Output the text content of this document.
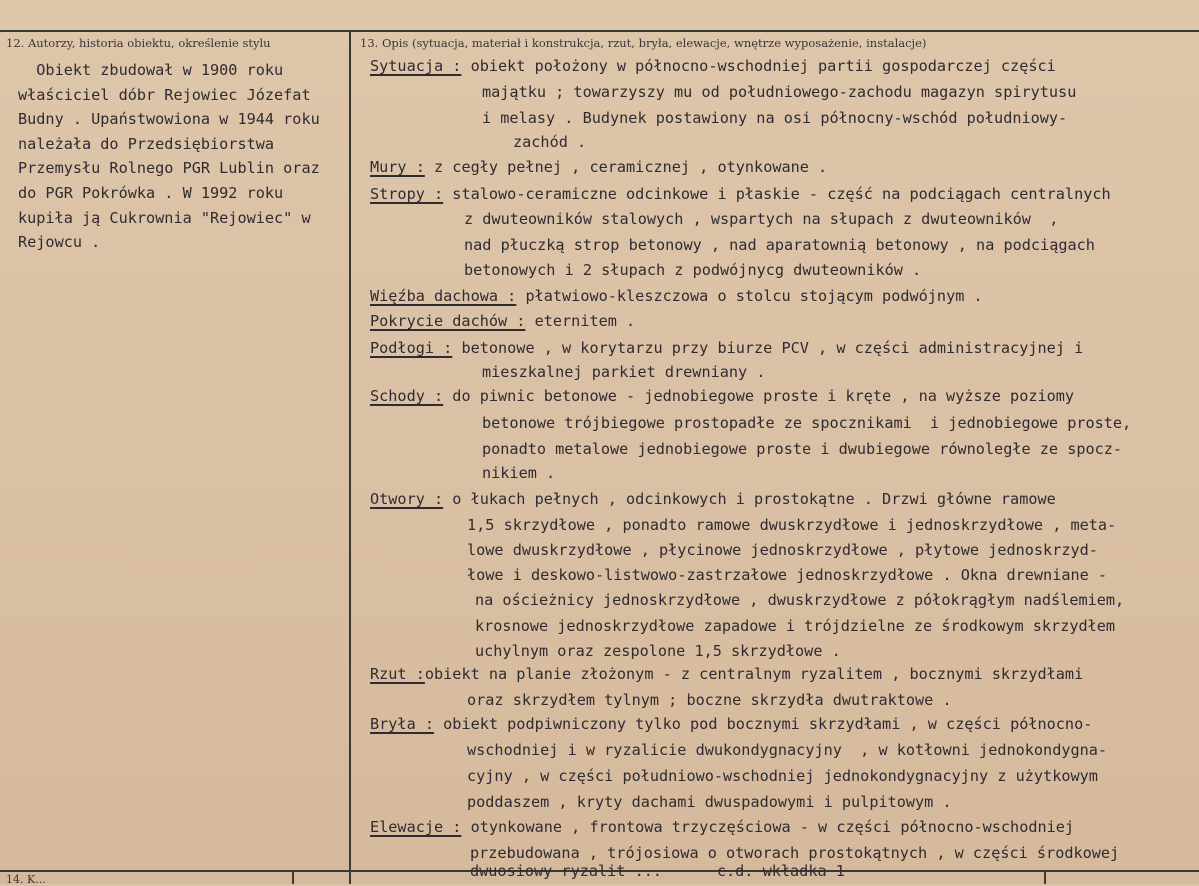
12. Autorzy, historia obiektu, określenie stylu	13. Opis (sytuacja, materiał i konstrukcja, rzut, bryła, elewacje, wnętrze wyposażenie, instalacje)
Obiekt zbudował w 1900 roku
właściciel dóbr Rejowiec Józefat
Budny . Upaństwowiona w 1944 roku
należała do Przedsiębiorstwa
Przemysłu Rolnego PGR Lublin oraz
do PGR Pokrówka . W 1992 roku
kupiła ją Cukrownia "Rejowiec" w
Rejowcu .
Sytuacja : obiekt położony w północno-wschodniej partii gospodarczej części
majątku ; towarzyszy mu od południowego-zachodu magazyn spirytusu
i melasy . Budynek postawiony na osi północny-wschód południowy-
zachód .
Mury : z cegły pełnej , ceramicznej , otynkowane .
Stropy : stalowo-ceramiczne odcinkowe i płaskie - część na podciągach centralnych
z dwuteowników stalowych , wspartych na słupach z dwuteowników  ,
nad płuczką strop betonowy , nad aparatownią betonowy , na podciągach
betonowych i 2 słupach z podwójnycg dwuteowników .
Więźba dachowa : płatwiowo-kleszczowa o stolcu stojącym podwójnym .
Pokrycie dachów : eternitem .
Podłogi : betonowe , w korytarzu przy biurze PCV , w części administracyjnej i
mieszkalnej parkiet drewniany .
Schody : do piwnic betonowe - jednobiegowe proste i kręte , na wyższe poziomy
betonowe trójbiegowe prostopadłe ze spocznikami  i jednobiegowe proste,
ponadto metalowe jednobiegowe proste i dwubiegowe równoległe ze spocz-
nikiem .
Otwory : o łukach pełnych , odcinkowych i prostokątne . Drzwi główne ramowe
1,5 skrzydłowe , ponadto ramowe dwuskrzydłowe i jednoskrzydłowe , meta-
lowe dwuskrzydłowe , płycinowe jednoskrzydłowe , płytowe jednoskrzyd-
łowe i deskowo-listwowo-zastrzałowe jednoskrzydłowe . Okna drewniane -
na ościeżnicy jednoskrzydłowe , dwuskrzydłowe z półokrągłym nadślemiem,
krosnowe jednoskrzydłowe zapadowe i trójdzielne ze środkowym skrzydłem
uchylnym oraz zespolone 1,5 skrzydłowe .
Rzut :obiekt na planie złożonym - z centralnym ryzalitem , bocznymi skrzydłami
oraz skrzydłem tylnym ; boczne skrzydła dwutraktowe .
Bryła : obiekt podpiwniczony tylko pod bocznymi skrzydłami , w części północno-
wschodniej i w ryzalicie dwukondygnacyjny  , w kotłowni jednokondygna-
cyjny , w części południowo-wschodniej jednokondygnacyjny z użytkowym
poddaszem , kryty dachami dwuspadowymi i pulpitowym .
Elewacje : otynkowane , frontowa trzyczęściowa - w części północno-wschodniej
przebudowana , trójosiowa o otworach prostokątnych , w części środkowej
dwuosiowy ryzalit ...      c.d. wkładka 1
14. K...
